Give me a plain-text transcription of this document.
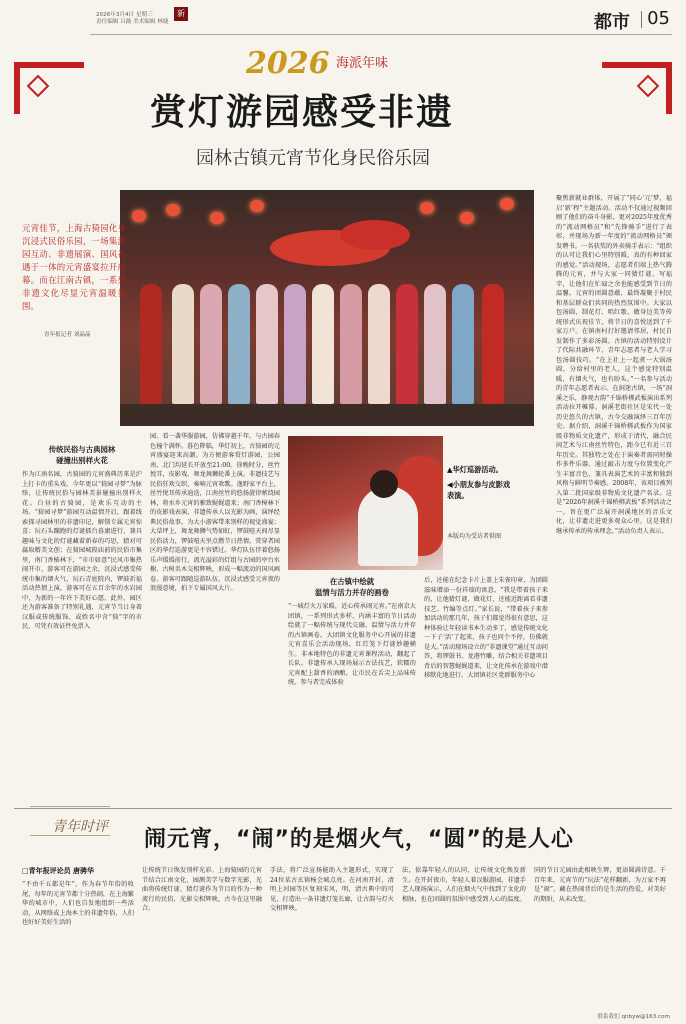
2026年3月4日 星期三
责任编辑 吕薇 美术编辑 林婕
新	都市 05
2026 海派年味
赏灯游园感受非遗
园林古镇元宵节化身民俗乐园
元宵佳节，上海古猗园化身沉浸式民俗乐园，一场集游园互动、非遗展演、国风礼遇于一体的元宵盛宴拉开序幕。而在江南古镇，一系列非遗文化尽显元宵温暖氛围。
青年报记者 刘晶晶
传统民俗与古典园林
碰撞出别样火花
作为江南名园，古猗园的元宵盛典历来是沪上打卡的重头戏，今年更以“猗园寻梦”为脉络，让传统民俗与园林美景碰撞出别样火花。白昼的古猗园，是欢乐互动的主场。“猗园寻梦”游园互动温情开启，跟着线索探寻园林里的非遗印记，解锁专属元宵惊喜；玩石头蹦跑的灯谜擂台暮庸进行，兼具趣味与文化的灯谜藏着新春的巧思，猜对可赢取精美文创；在猗园城隍庙前的民俗市集里，南门香椿林下，“市市如意”民风市集热闹开市，游客可在游园之余，沉浸式感受传统市集的烟火气，玩石青庭院内，锣鼓祈福活动热情上演，游客可在五百余年的水岩园中，为新的一年许下美好心愿。此外，园区还为游客准备了特别礼遇，元宵节当日身着汉服或传统服饰、或姓名中含“猗”字的市民，可凭有效证件免票入
园。看一袭华服游园，仿佛穿越千年，与古园春色撞个满怀。暮色降临，华灯初上，古猗园的元宵盛宴迎来高潮。为方便游客赏灯游园，公园南、北门均延长开放至21:00。徐晚时分，丝竹悦耳，皮影戏、舞龙舞狮轮番上演。非遗技艺与民俗狂欢交织，奏响元宵欢歌。逸野家平台上，丝竹悦耳传承迪迭，江南丝竹的悠扬旋律萦绕园林，将水乡元宵的雅致娓娓道来；南门香樟林下的皮影戏表演，非遗传承人以光影为画，演绎经典民俗故事，为大小游客带来别样的视觉盛宴；大草坪上，舞龙舞狮气势如虹，锣鼓喧天间尽显民俗活力，锣鼓喧天里点燃节日热情。赏穿者园区的华灯巡游更是不容错过。华灯队伍伴着悠扬乐声缓缓前行，流光溢彩的灯组与古园的亭台水榭、古树名木交相辉映，形成一幅流动的国风画卷。游客可跟随巡游队伍，沉浸式感受元宵夜的浪漫意境，拍下专属国风大片。
▲华灯巡游活动。
◀小朋友参与皮影戏表演。
本版均为受访者供图
在古镇中绘就
温情与活力并存的画卷
“一城灯火万家暖，近心传承闹元宵。”在南京大团镇，一系列形式多样、内涵丰富的节日活动绘就了一幅传统与现代交融、温情与活力并存的古镇画卷。大团镇文化服务中心开展的非遗元宵喜乐会活动现场，红灯笼下灯谜妙趣横生。非本地特色的非遗元宵课程活动，翻起了长队。非遗传承人现场展示古法技艺，软糯的元宵配上甜香的酒酿，让市民在舌尖上品味传统。参与者完成体验
后，还能在纪念卡片上盖上朱雀印章，为团圆滋味增添一份祥瑞的寓意。“我是带着孩子来的，让他猜灯谜、做花灯，还能近距离看非遗技艺、竹编等点灯。”家长说，“带着孩子来参加活动的那几年，孩子们都觉得很有意思，这种体验让年轻读书本生动多了，感觉传统文化一下子‘活’了起来，孩子也问个不停，仿佛就是大。”活动现场设立的“非遗课堂”通过互动问答，将锣鼓书、龙港竹雕，结合相关非遗项目背后的智慧娓娓道来，让文化传承在游戏中潜移默化地进行。大团镇社区党群服务中心
聚焦新就业群体，开展了“同心‘元’梦，福启‘新’程”主题活动。活动不仅通过视频回顾了他们的奋斗身影，更对2025年度优秀的“流动网格员”和“先锋骑手”进行了表彰，并现场为新一年度的“流动网格员”颁发聘书。一名获奖的外卖骑手表示：“组织的认可让我们心里特别暖，真的有种回家的感觉。”活动现场，志愿者们端上热气腾腾的元宵，并与大家一同猜灯谜、写福字，让他们在忙碌之余也能感受到节日的温馨。元宵的团圆意蕴，最终凝聚于村民和基层群众们共同的热烈氛围中。大家以包汤圆、制花灯、唱红歌、做身边美等传统形式庆祝佳节，将节日的喜悦送到了千家万户。在镇南村打好邀请邻居，村民自发制作了多彩汤圆。古镇的活动特别设计了代际共融环节，青年志愿者与老人学习包汤圆技巧。“在上社上一起煮一大锅汤圆，分给村里的老人，这个感觉特别温暖，有烟火气，也有盼头。”一名参与活动的青年志愿者表示。在洞迷古镇，一场“洞溪之乐，静观古韵”千锦桥梆武板演出系列活动拉开帷幕。洞溪老街社区是宋代一处历史悠久的古镇，古今交融演绎三百年历史。据介绍，洞溪千锦桥梆武板作为国家级非物质文化遗产，形成于清代，融合民间艺术与江南丝竹特色，距今已有近三百年历史。其独特之处在于演奏者需同时操作多件乐器，通过敲击力度与位置变化产生丰富音色，兼具表演艺术的丰富和独到风格与鲜明节奏感。2008年，该项目被列入第二批国家级非物质文化遗产名录。这是“2026年洞溪千锦桥梆武板”系列活动之一，旨在更广泛展开洞溪地区的音乐文化，让非遗走进更多观众心里，这是我们继承传承的传承理念。”活动负责人表示。
青年时评 闹元宵，“闹”的是烟火气，“圆”的是人心
□青年报评论员 唐骋华
“不由千五都是年”，作为春节年俗的收尾，每年的元宵节都十分热闹，在上海繁华的城市中，人们也自发地组织一些活动，从网络或上海本土的非遗年俗，人们也好好美好生活的
让传统节日焕发别样光彩。上海猗园的元宵节结合江南文化，园测美学与数字光影，光曲将传统灯谜、猜灯谜作为节目的作为一种流行的民俗，光影交相辉映，古今在这里融合。
手法，将广泛宣扬能助入主题形式，实现了24位某古玄镇杨会城点亮。在河南开封，清明上河园等区复刻宋风，明，清古典中的可见，打造出一条非遗灯笼长廊，让古韵与灯火交相辉映。
法，依靠年轻人的认同，让传统文化焕发新生。在开封夜市，年轻人着汉服游园，非遗手艺人现场演示，人们在烟火气中找到了文化的根脉，也在团圆的氛围中感受到人心的温度。
同的节日元园由此相映生辉，更添圆满诗意。千百年来，元宵节的“玩法”花样翻新，为万家不再是“闹”，藏在热闹背后的是生活的热爱，对美好的期盼，从未改变。
联系我们 qnbyw@163.com
